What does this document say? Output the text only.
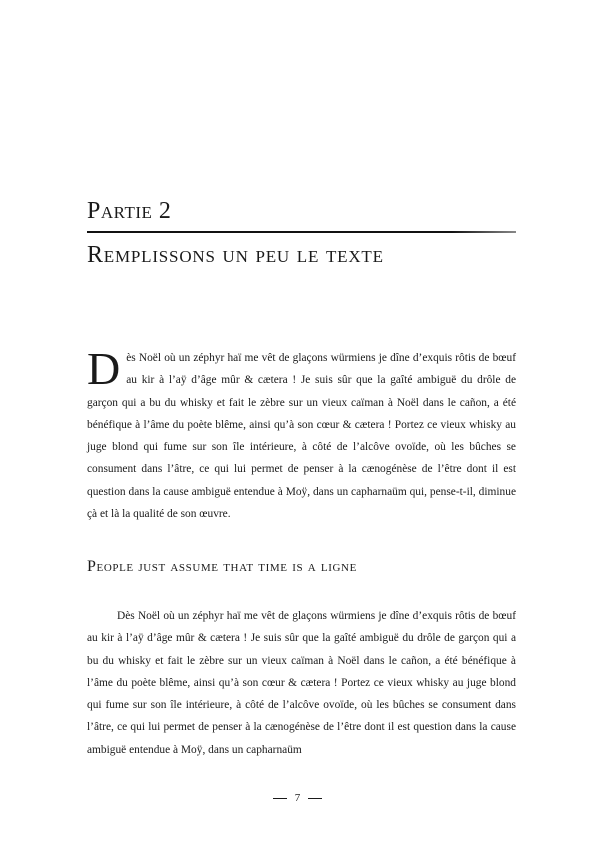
Partie 2
Remplissons un peu le texte

Dès Noël où un zéphyr haï me vêt de glaçons würmiens je dîne d’exquis rôtis de bœuf au kir à l’aÿ d’âge mûr & cætera ! Je suis sûr que la gaîté ambiguë du drôle de garçon qui a bu du whisky et fait le zèbre sur un vieux caïman à Noël dans le cañon, a été bénéfique à l’âme du poète blême, ainsi qu’à son cœur & cætera ! Portez ce vieux whisky au juge blond qui fume sur son île intérieure, à côté de l’alcôve ovoïde, où les bûches se consument dans l’âtre, ce qui lui permet de penser à la cænogénèse de l’être dont il est question dans la cause ambiguë entendue à Moÿ, dans un capharnaüm qui, pense-t-il, diminue çà et là la qualité de son œuvre.

People just assume that time is a ligne

Dès Noël où un zéphyr haï me vêt de glaçons würmiens je dîne d’exquis rôtis de bœuf au kir à l’aÿ d’âge mûr & cætera ! Je suis sûr que la gaîté ambiguë du drôle de garçon qui a bu du whisky et fait le zèbre sur un vieux caïman à Noël dans le cañon, a été bénéfique à l’âme du poète blême, ainsi qu’à son cœur & cætera ! Portez ce vieux whisky au juge blond qui fume sur son île intérieure, à côté de l’alcôve ovoïde, où les bûches se consument dans l’âtre, ce qui lui permet de penser à la cænogénèse de l’être dont il est question dans la cause ambiguë entendue à Moÿ, dans un capharnaüm

7
